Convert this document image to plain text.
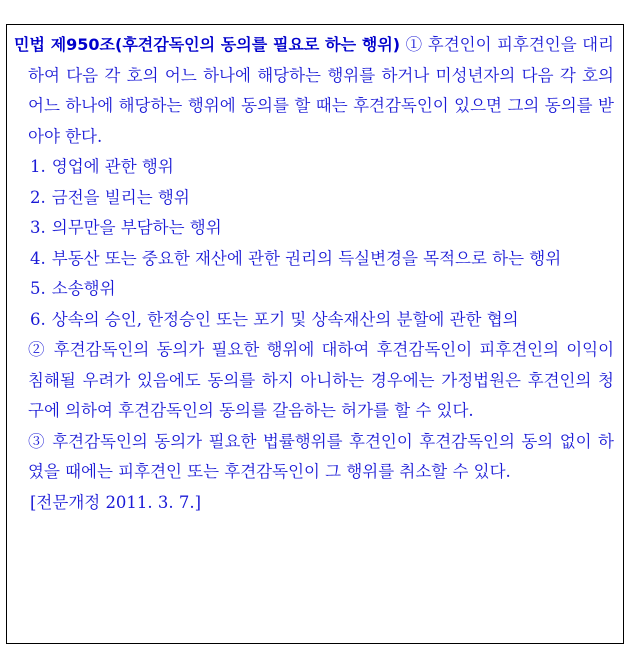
민법 제950조(후견감독인의 동의를 필요로 하는 행위) ① 후견인이 피후견인을 대리하여 다음 각 호의 어느 하나에 해당하는 행위를 하거나 미성년자의 다음 각 호의 어느 하나에 해당하는 행위에 동의를 할 때는 후견감독인이 있으면 그의 동의를 받아야 한다.

1. 영업에 관한 행위
2. 금전을 빌리는 행위
3. 의무만을 부담하는 행위
4. 부동산 또는 중요한 재산에 관한 권리의 득실변경을 목적으로 하는 행위
5. 소송행위
6. 상속의 승인, 한정승인 또는 포기 및 상속재산의 분할에 관한 협의

② 후견감독인의 동의가 필요한 행위에 대하여 후견감독인이 피후견인의 이익이 침해될 우려가 있음에도 동의를 하지 아니하는 경우에는 가정법원은 후견인의 청구에 의하여 후견감독인의 동의를 갈음하는 허가를 할 수 있다.

③ 후견감독인의 동의가 필요한 법률행위를 후견인이 후견감독인의 동의 없이 하였을 때에는 피후견인 또는 후견감독인이 그 행위를 취소할 수 있다.

[전문개정 2011. 3. 7.]
